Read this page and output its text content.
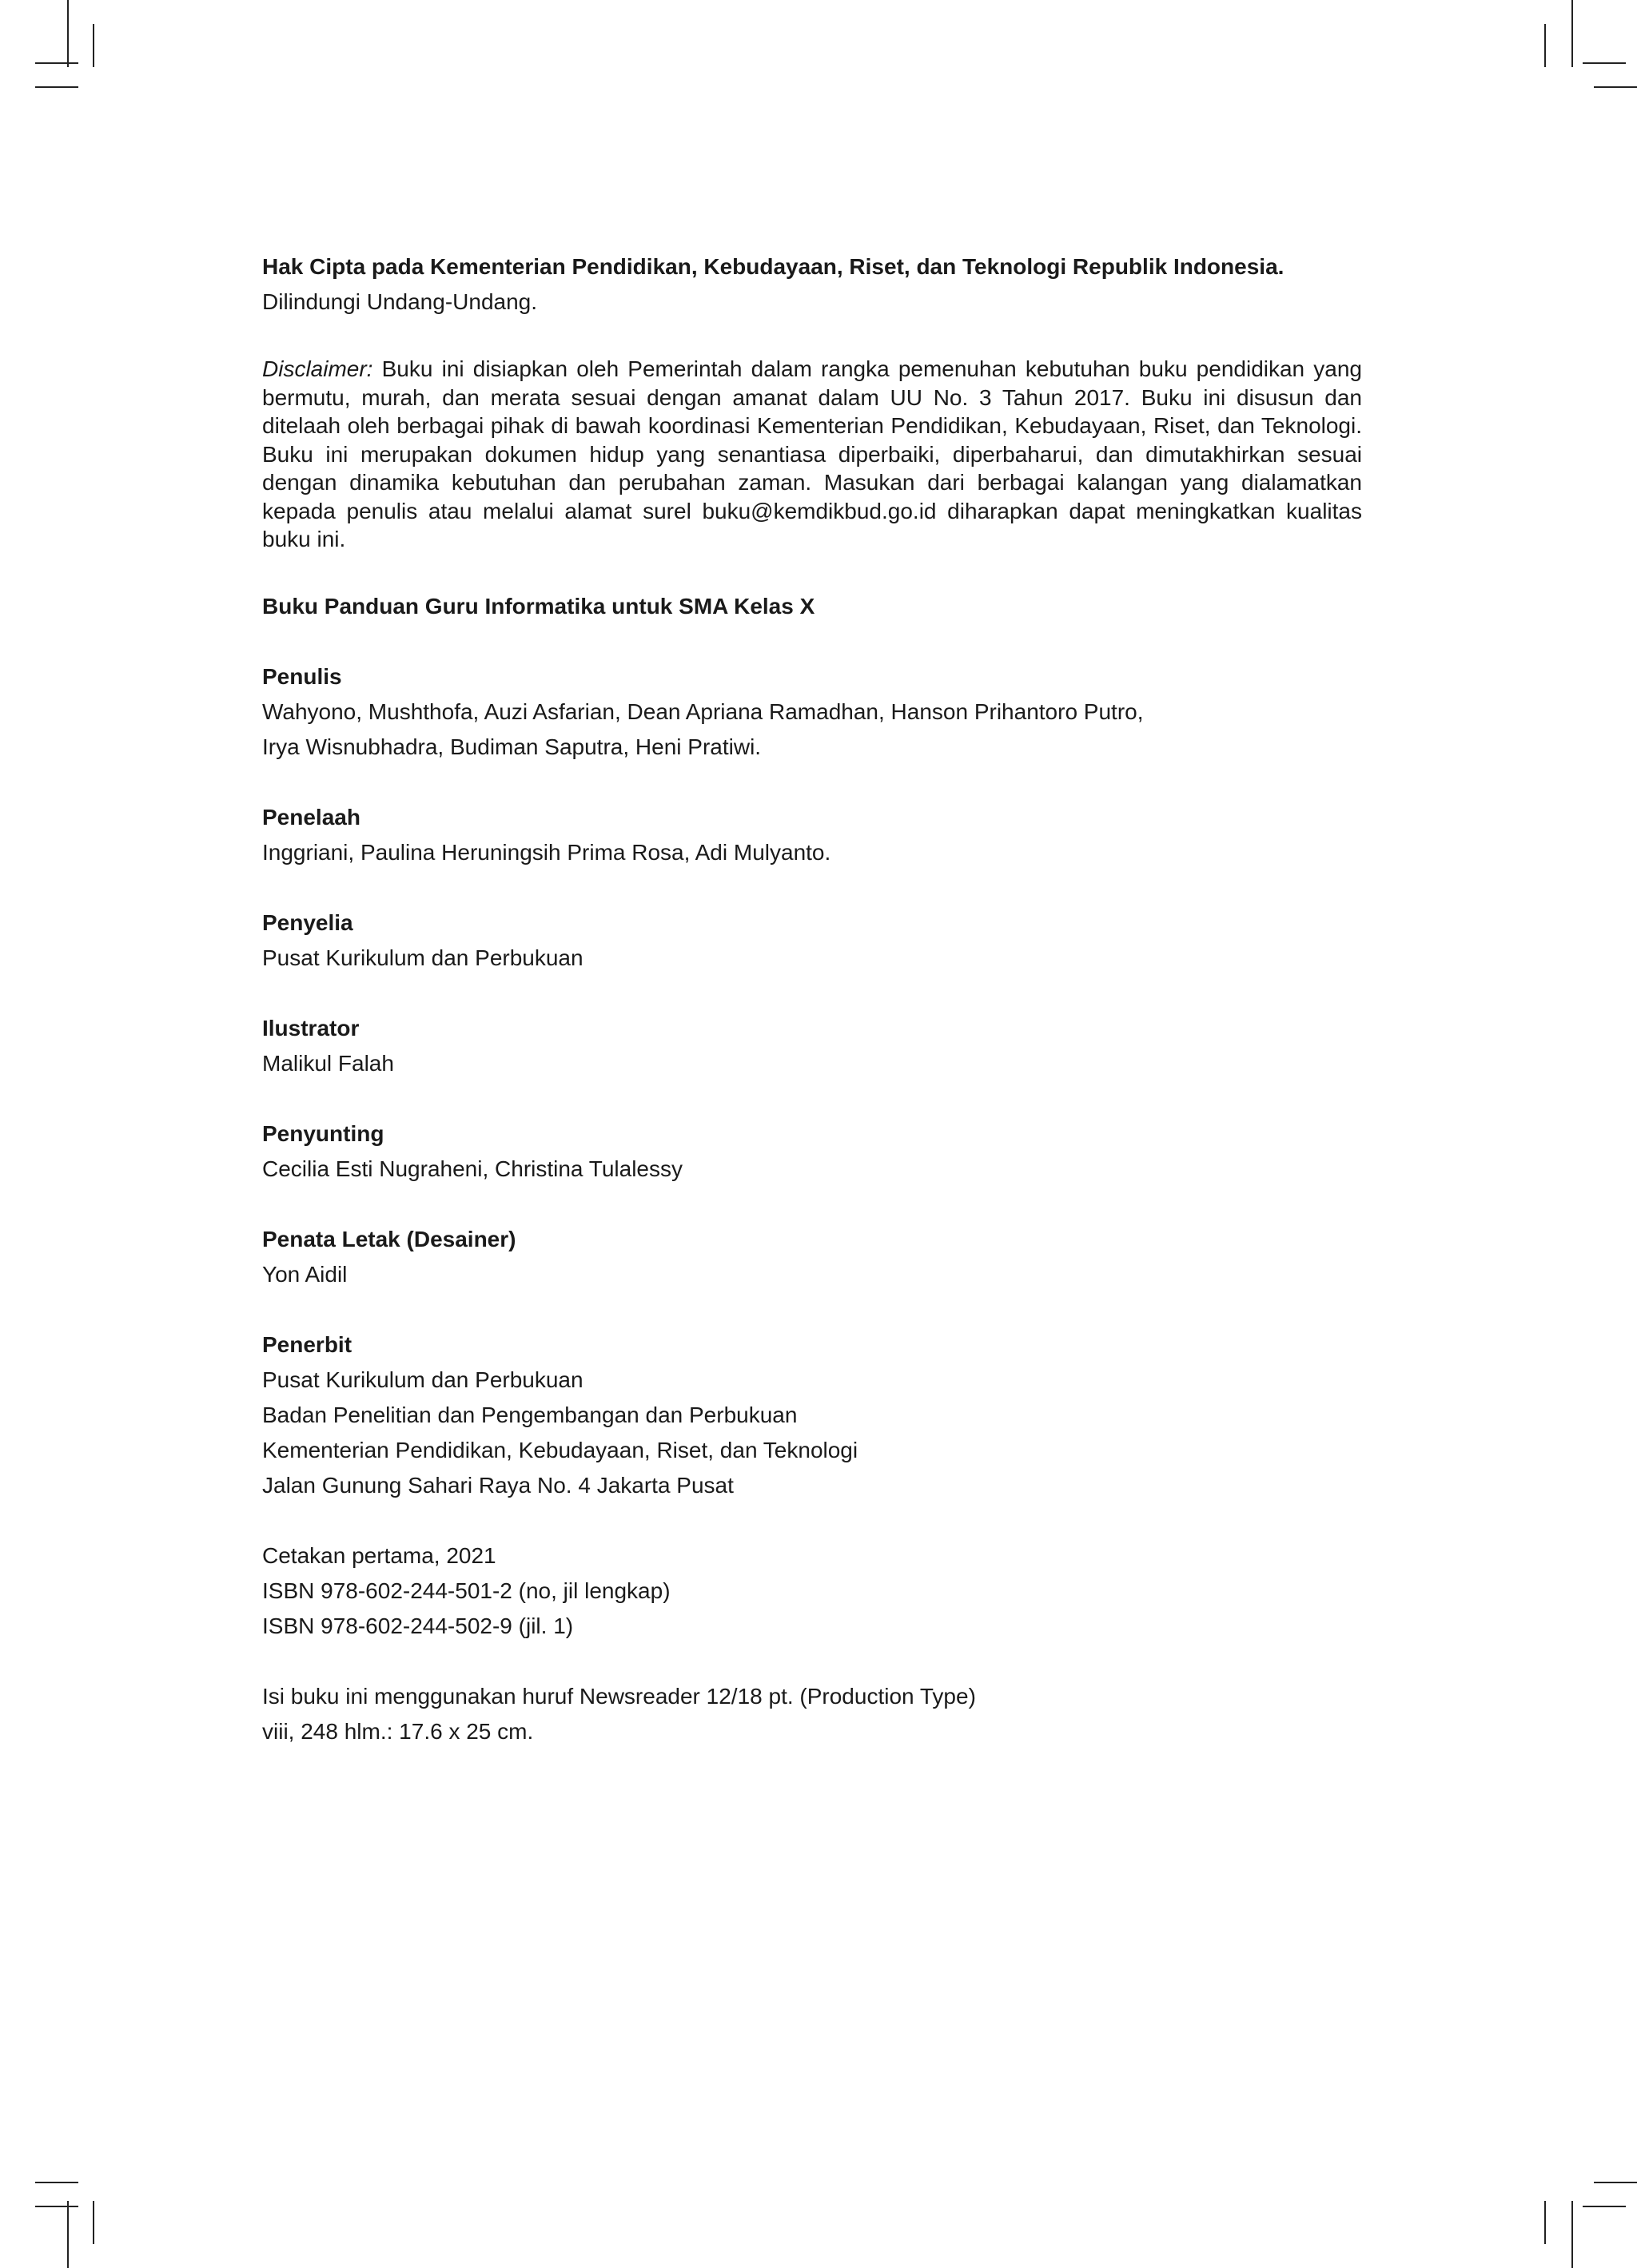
Hak Cipta pada Kementerian Pendidikan, Kebudayaan, Riset, dan Teknologi Republik Indonesia.
Dilindungi Undang-Undang.
Disclaimer: Buku ini disiapkan oleh Pemerintah dalam rangka pemenuhan kebutuhan buku pendidikan yang bermutu, murah, dan merata sesuai dengan amanat dalam UU No. 3 Tahun 2017. Buku ini disusun dan ditelaah oleh berbagai pihak di bawah koordinasi Kementerian Pendidikan, Kebudayaan, Riset, dan Teknologi. Buku ini merupakan dokumen hidup yang senantiasa diperbaiki, diperbaharui, dan dimutakhirkan sesuai dengan dinamika kebutuhan dan perubahan zaman. Masukan dari berbagai kalangan yang dialamatkan kepada penulis atau melalui alamat surel buku@kemdikbud.go.id diharapkan dapat meningkatkan kualitas buku ini.
Buku Panduan Guru Informatika untuk SMA Kelas X
Penulis
Wahyono, Mushthofa, Auzi Asfarian, Dean Apriana Ramadhan, Hanson Prihantoro Putro,
Irya Wisnubhadra, Budiman Saputra, Heni Pratiwi.
Penelaah
Inggriani, Paulina Heruningsih Prima Rosa, Adi Mulyanto.
Penyelia
Pusat Kurikulum dan Perbukuan
Ilustrator
Malikul Falah
Penyunting
Cecilia Esti Nugraheni, Christina Tulalessy
Penata Letak (Desainer)
Yon Aidil
Penerbit
Pusat Kurikulum dan Perbukuan
Badan Penelitian dan Pengembangan dan Perbukuan
Kementerian Pendidikan, Kebudayaan, Riset, dan Teknologi
Jalan Gunung Sahari Raya No. 4 Jakarta Pusat
Cetakan pertama, 2021
ISBN 978-602-244-501-2 (no, jil lengkap)
ISBN 978-602-244-502-9 (jil. 1)
Isi buku ini menggunakan huruf Newsreader 12/18 pt. (Production Type)
viii, 248 hlm.: 17.6 x 25 cm.
